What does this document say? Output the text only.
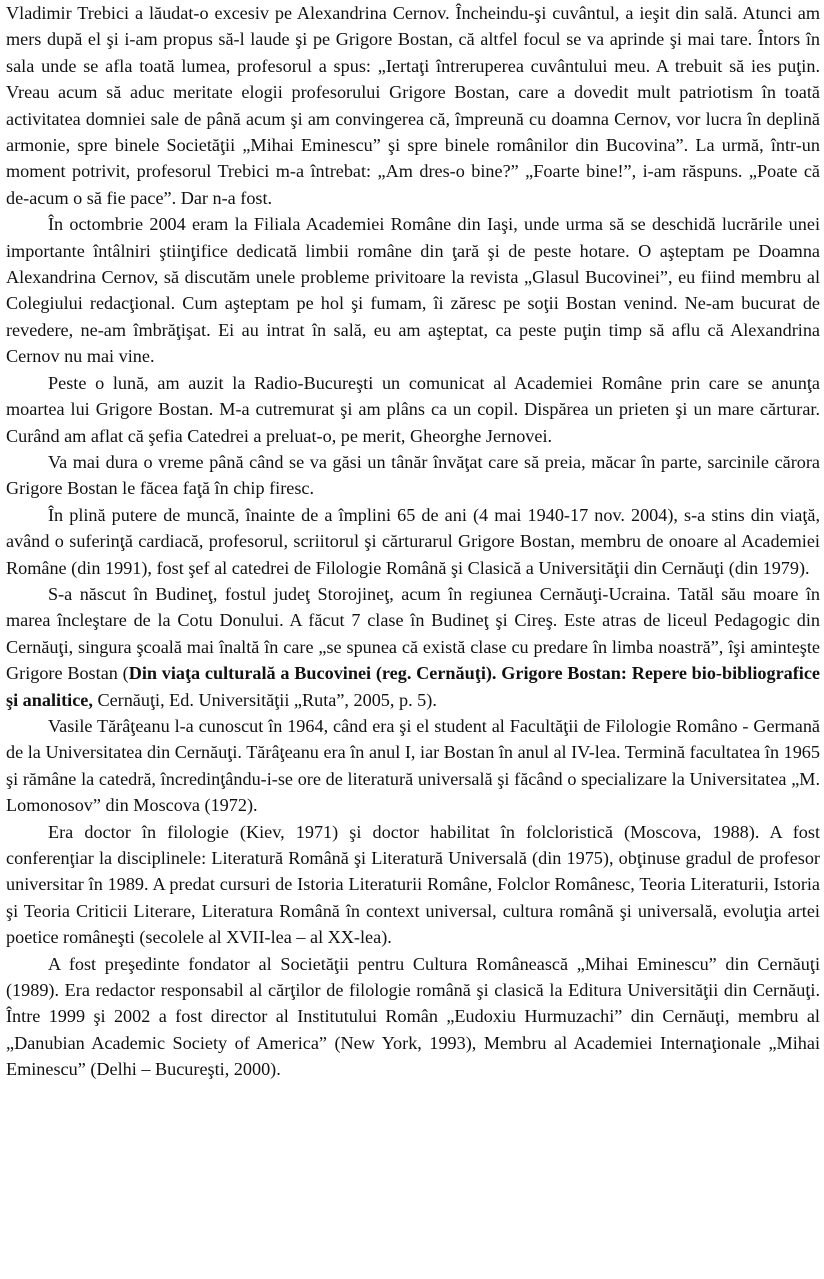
Vladimir Trebici a lăudat-o excesiv pe Alexandrina Cernov. Încheindu-şi cuvântul, a ieşit din sală. Atunci am mers după el şi i-am propus să-l laude şi pe Grigore Bostan, că altfel focul se va aprinde şi mai tare. Întors în sala unde se afla toată lumea, profesorul a spus: „Iertaţi întreruperea cuvântului meu. A trebuit să ies puţin. Vreau acum să aduc meritate elogii profesorului Grigore Bostan, care a dovedit mult patriotism în toată activitatea domniei sale de până acum şi am convingerea că, împreună cu doamna Cernov, vor lucra în deplină armonie, spre binele Societăţii „Mihai Eminescu” şi spre binele românilor din Bucovina”. La urmă, într-un moment potrivit, profesorul Trebici m-a întrebat: „Am dres-o bine?” „Foarte bine!”, i-am răspuns. „Poate că de-acum o să fie pace”. Dar n-a fost.

În octombrie 2004 eram la Filiala Academiei Române din Iaşi, unde urma să se deschidă lucrările unei importante întâlniri ştiinţifice dedicată limbii române din ţară şi de peste hotare. O aşteptam pe Doamna Alexandrina Cernov, să discutăm unele probleme privitoare la revista „Glasul Bucovinei”, eu fiind membru al Colegiului redacţional. Cum aşteptam pe hol şi fumam, îi zăresc pe soţii Bostan venind. Ne-am bucurat de revedere, ne-am îmbrăţişat. Ei au intrat în sală, eu am aşteptat, ca peste puţin timp să aflu că Alexandrina Cernov nu mai vine.

Peste o lună, am auzit la Radio-Bucureşti un comunicat al Academiei Române prin care se anunţa moartea lui Grigore Bostan. M-a cutremurat şi am plâns ca un copil. Dispărea un prieten şi un mare cărturar. Curând am aflat că şefia Catedrei a preluat-o, pe merit, Gheorghe Jernovei.

Va mai dura o vreme până când se va găsi un tânăr învăţat care să preia, măcar în parte, sarcinile cărora Grigore Bostan le făcea faţă în chip firesc.

În plină putere de muncă, înainte de a împlini 65 de ani (4 mai 1940-17 nov. 2004), s-a stins din viaţă, având o suferinţă cardiacă, profesorul, scriitorul şi cărturarul Grigore Bostan, membru de onoare al Academiei Române (din 1991), fost şef al catedrei de Filologie Română şi Clasică a Universităţii din Cernăuţi (din 1979).

S-a născut în Budineţ, fostul judeţ Storojineţ, acum în regiunea Cernăuţi-Ucraina. Tatăl său moare în marea încleştare de la Cotu Donului. A făcut 7 clase în Budineţ şi Cireş. Este atras de liceul Pedagogic din Cernăuţi, singura şcoală mai înaltă în care „se spunea că există clase cu predare în limba noastră”, îşi aminteşte Grigore Bostan (Din viaţa culturală a Bucovinei (reg. Cernăuţi). Grigore Bostan: Repere bio-bibliografice şi analitice, Cernăuţi, Ed. Universităţii „Ruta”, 2005, p. 5).

Vasile Tărâţeanu l-a cunoscut în 1964, când era şi el student al Facultăţii de Filologie Româno - Germană de la Universitatea din Cernăuţi. Tărâţeanu era în anul I, iar Bostan în anul al IV-lea. Termină facultatea în 1965 şi rămâne la catedră, încredinţându-i-se ore de literatură universală şi făcând o specializare la Universitatea „M. Lomonosov” din Moscova (1972).

Era doctor în filologie (Kiev, 1971) şi doctor habilitat în folcloristică (Moscova, 1988). A fost conferenţiar la disciplinele: Literatură Română şi Literatură Universală (din 1975), obţinuse gradul de profesor universitar în 1989. A predat cursuri de Istoria Literaturii Române, Folclor Românesc, Teoria Literaturii, Istoria şi Teoria Criticii Literare, Literatura Română în context universal, cultura română şi universală, evoluţia artei poetice româneşti (secolele al XVII-lea – al XX-lea).

A fost preşedinte fondator al Societăţii pentru Cultura Românească „Mihai Eminescu” din Cernăuţi (1989). Era redactor responsabil al cărţilor de filologie română şi clasică la Editura Universităţii din Cernăuţi. Între 1999 şi 2002 a fost director al Institutului Român „Eudoxiu Hurmuzachi” din Cernăuţi, membru al „Danubian Academic Society of America” (New York, 1993), Membru al Academiei Internaţionale „Mihai Eminescu” (Delhi – Bucureşti, 2000).
